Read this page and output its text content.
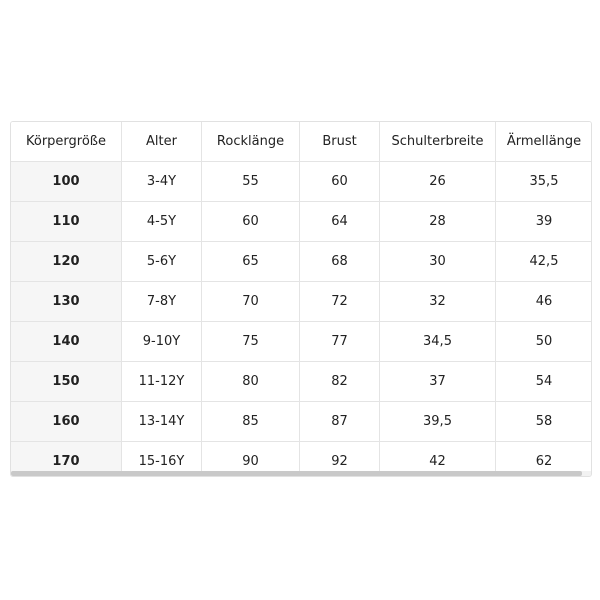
Körpergröße	Alter	Rocklänge	Brust	Schulterbreite	Ärmellänge
100	3-4Y	55	60	26	35,5
110	4-5Y	60	64	28	39
120	5-6Y	65	68	30	42,5
130	7-8Y	70	72	32	46
140	9-10Y	75	77	34,5	50
150	11-12Y	80	82	37	54
160	13-14Y	85	87	39,5	58
170	15-16Y	90	92	42	62
